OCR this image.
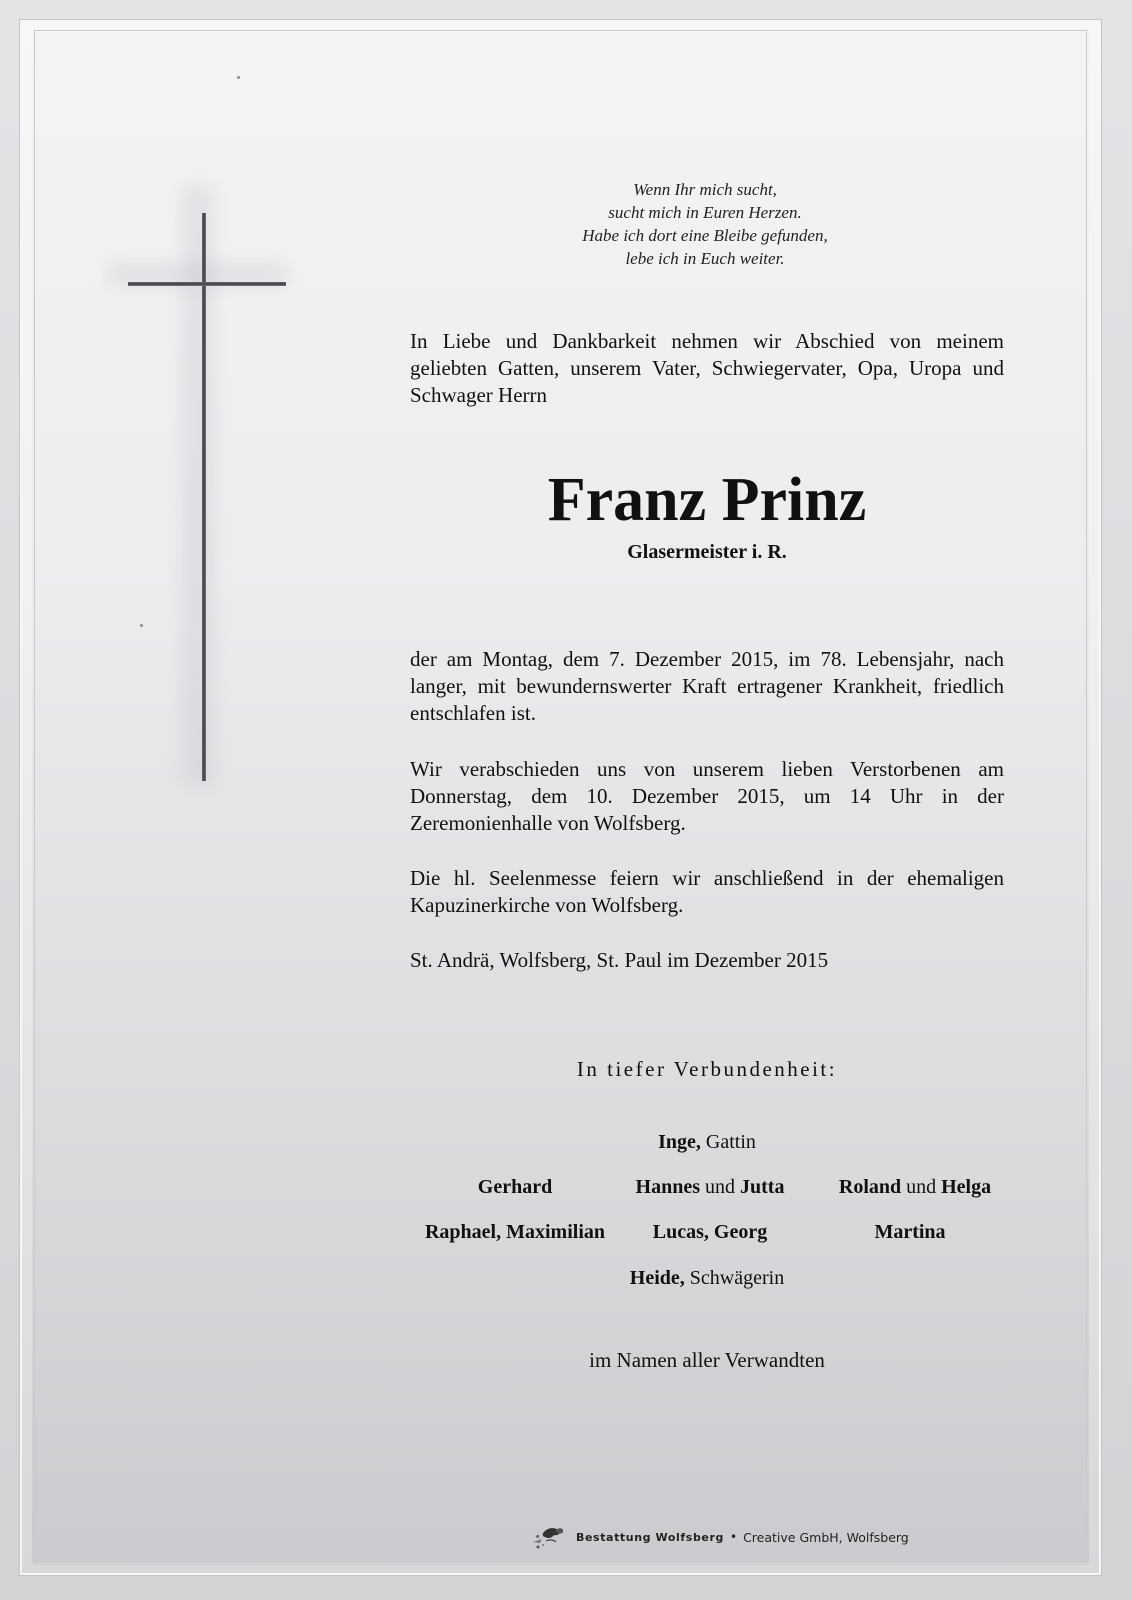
Wenn Ihr mich sucht,
sucht mich in Euren Herzen.
Habe ich dort eine Bleibe gefunden,
lebe ich in Euch weiter.
In Liebe und Dankbarkeit nehmen wir Abschied von meinem geliebten Gatten, unserem Vater, Schwiegervater, Opa, Uropa und Schwager Herrn
Franz Prinz
Glasermeister i. R.
der am Montag, dem 7. Dezember 2015, im 78. Lebensjahr, nach langer, mit bewundernswerter Kraft ertragener Krankheit, friedlich entschlafen ist.
Wir verabschieden uns von unserem lieben Verstorbenen am Donnerstag, dem 10. Dezember 2015, um 14 Uhr in der Zeremonienhalle von Wolfsberg.
Die hl. Seelenmesse feiern wir anschließend in der ehemaligen Kapuzinerkirche von Wolfsberg.
St. Andrä, Wolfsberg, St. Paul im Dezember 2015
In tiefer Verbundenheit:
Inge, Gattin
Gerhard	Hannes und Jutta	Roland und Helga
Raphael, Maximilian	Lucas, Georg	Martina
Heide, Schwägerin
im Namen aller Verwandten
Bestattung Wolfsberg • Creative GmbH, Wolfsberg
